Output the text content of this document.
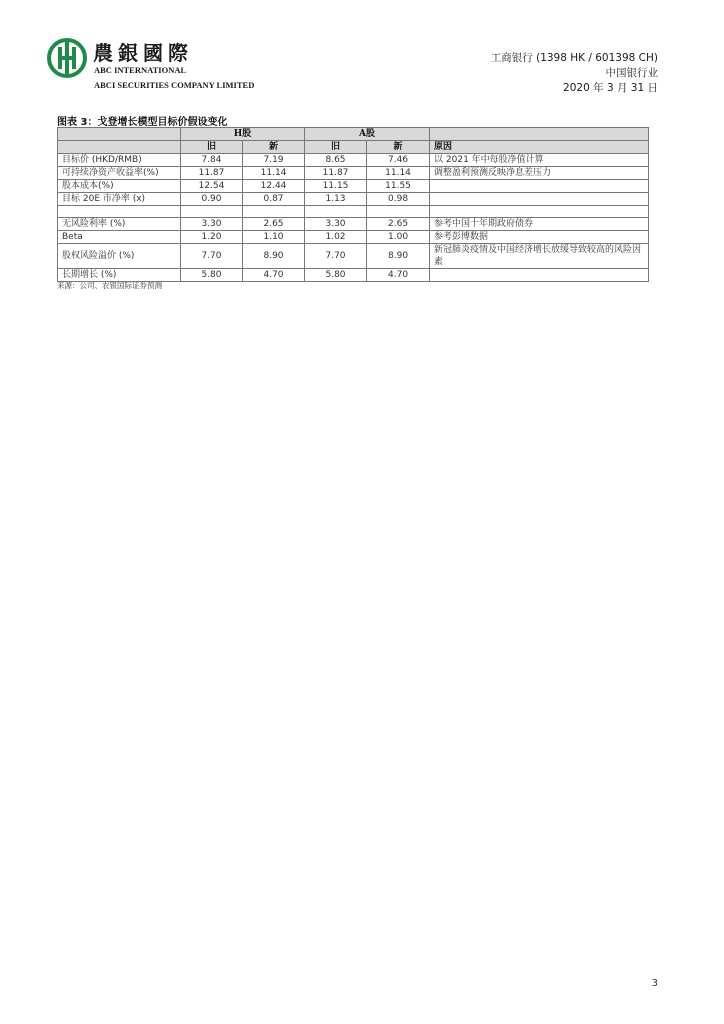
農銀國際
ABC INTERNATIONAL
ABCI SECURITIES COMPANY LIMITED
工商银行 (1398 HK / 601398 CH)
中国银行业
2020 年 3 月 31 日
图表 3：戈登增长模型目标价假设变化
	H股		A股		
	旧	新	旧	新	原因
目标价 (HKD/RMB)	7.84	7.19	8.65	7.46	以 2021 年中每股净值计算
可持续净资产收益率(%)	11.87	11.14	11.87	11.14	调整盈利预测反映净息差压力
股本成本(%)	12.54	12.44	11.15	11.55	
目标 20E 市净率 (x)	0.90	0.87	1.13	0.98	

无风险利率 (%)	3.30	2.65	3.30	2.65	参考中国十年期政府债券
Beta	1.20	1.10	1.02	1.00	参考彭博数据
股权风险溢价 (%)	7.70	8.90	7.70	8.90	新冠肺炎疫情及中国经济增长放缓导致较高的风险因素
长期增长 (%)	5.80	4.70	5.80	4.70	
来源：公司、农银国际证券预测
3
